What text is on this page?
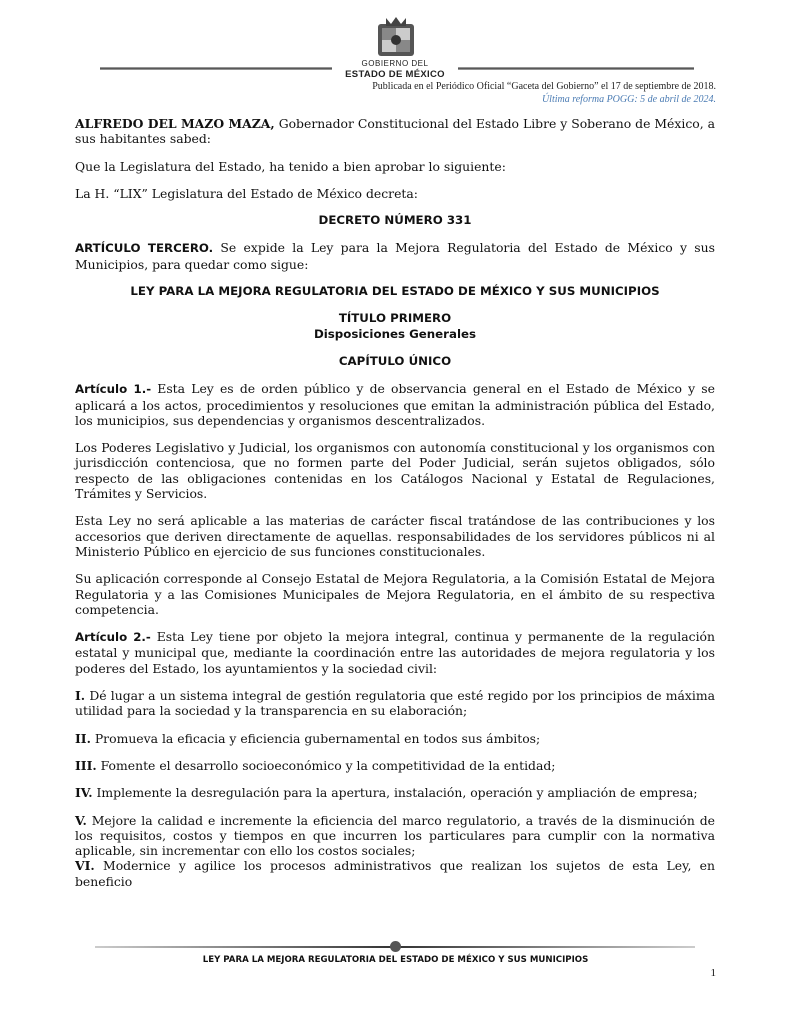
GOBIERNO DEL
ESTADO DE MÉXICO
Publicada en el Periódico Oficial “Gaceta del Gobierno” el 17 de septiembre de 2018.
Última reforma POGG: 5 de abril de 2024.

ALFREDO DEL MAZO MAZA, Gobernador Constitucional del Estado Libre y Soberano de México, a sus habitantes sabed:

Que la Legislatura del Estado, ha tenido a bien aprobar lo siguiente:

La H. “LIX” Legislatura del Estado de México decreta:

DECRETO NÚMERO 331

ARTÍCULO TERCERO. Se expide la Ley para la Mejora Regulatoria del Estado de México y sus Municipios, para quedar como sigue:

LEY PARA LA MEJORA REGULATORIA DEL ESTADO DE MÉXICO Y SUS MUNICIPIOS

TÍTULO PRIMERO

Disposiciones Generales

CAPÍTULO ÚNICO

Artículo 1.- Esta Ley es de orden público y de observancia general en el Estado de México y se aplicará a los actos, procedimientos y resoluciones que emitan la administración pública del Estado, los municipios, sus dependencias y organismos descentralizados.

Los Poderes Legislativo y Judicial, los organismos con autonomía constitucional y los organismos con jurisdicción contenciosa, que no formen parte del Poder Judicial, serán sujetos obligados, sólo respecto de las obligaciones contenidas en los Catálogos Nacional y Estatal de Regulaciones, Trámites y Servicios.

Esta Ley no será aplicable a las materias de carácter fiscal tratándose de las contribuciones y los accesorios que deriven directamente de aquellas. responsabilidades de los servidores públicos ni al Ministerio Público en ejercicio de sus funciones constitucionales.

Su aplicación corresponde al Consejo Estatal de Mejora Regulatoria, a la Comisión Estatal de Mejora Regulatoria y a las Comisiones Municipales de Mejora Regulatoria, en el ámbito de su respectiva competencia.

Artículo 2.- Esta Ley tiene por objeto la mejora integral, continua y permanente de la regulación estatal y municipal que, mediante la coordinación entre las autoridades de mejora regulatoria y los poderes del Estado, los ayuntamientos y la sociedad civil:

I. Dé lugar a un sistema integral de gestión regulatoria que esté regido por los principios de máxima utilidad para la sociedad y la transparencia en su elaboración;

II. Promueva la eficacia y eficiencia gubernamental en todos sus ámbitos;

III. Fomente el desarrollo socioeconómico y la competitividad de la entidad;

IV. Implemente la desregulación para la apertura, instalación, operación y ampliación de empresa;

V. Mejore la calidad e incremente la eficiencia del marco regulatorio, a través de la disminución de los requisitos, costos y tiempos en que incurren los particulares para cumplir con la normativa aplicable, sin incrementar con ello los costos sociales;

VI. Modernice y agilice los procesos administrativos que realizan los sujetos de esta Ley, en beneficio

LEY PARA LA MEJORA REGULATORIA DEL ESTADO DE MÉXICO Y SUS MUNICIPIOS
1
